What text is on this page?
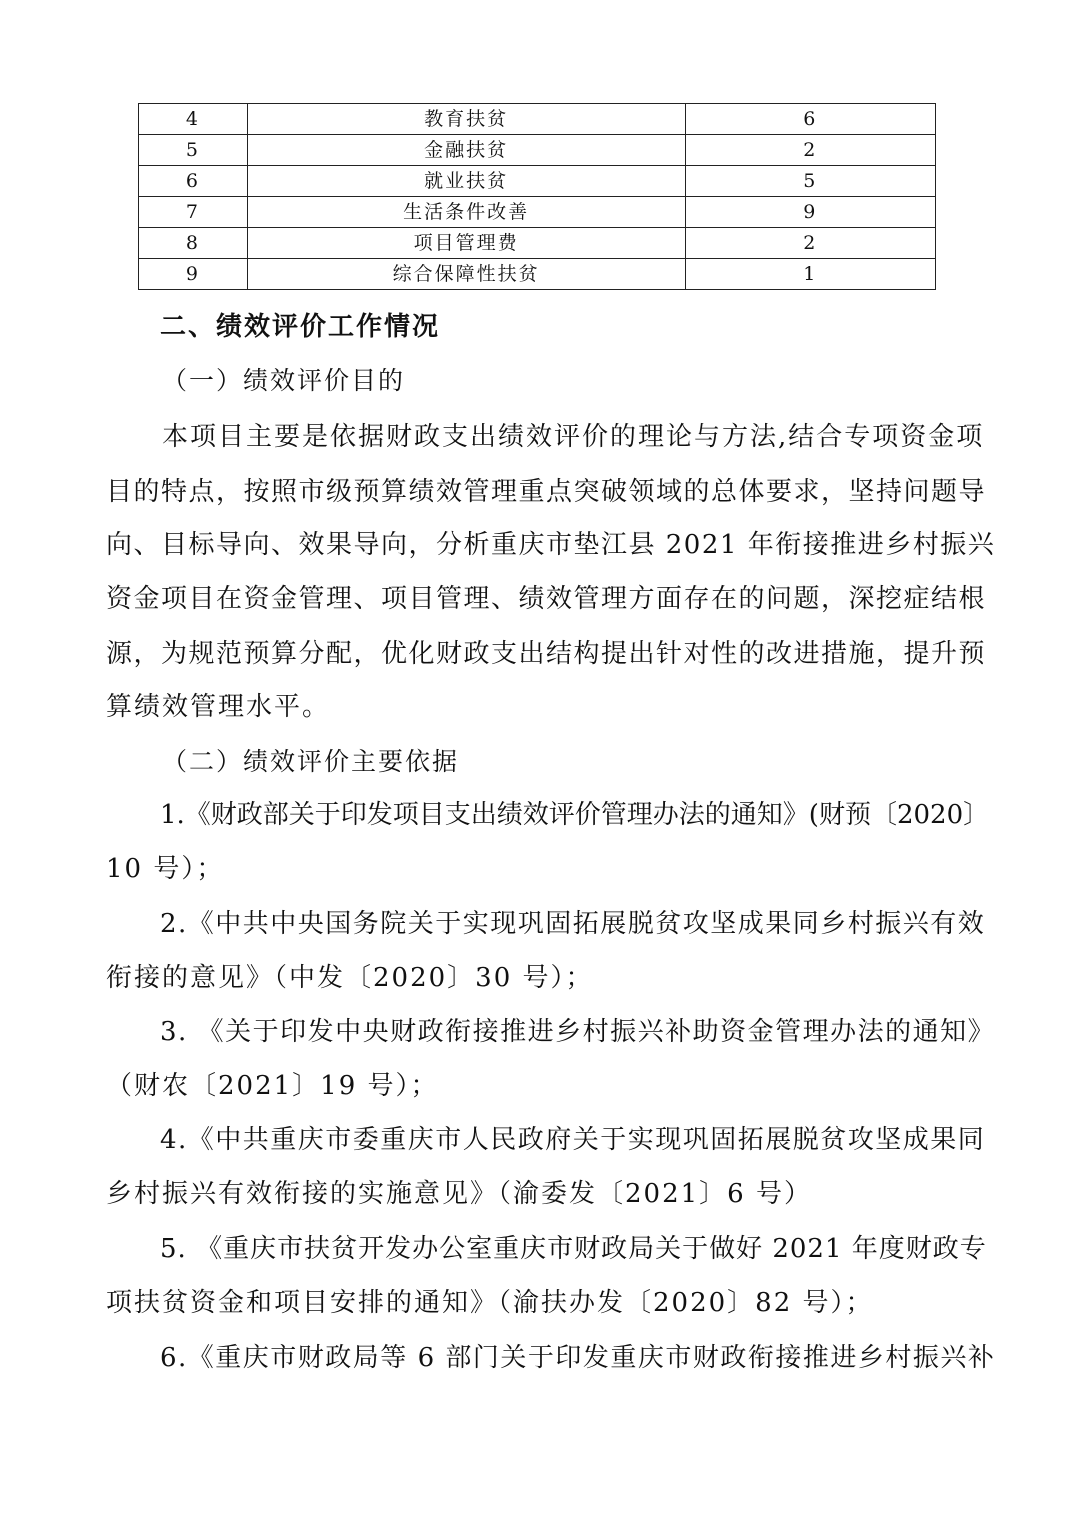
4	教育扶贫	6
5	金融扶贫	2
6	就业扶贫	5
7	生活条件改善	9
8	项目管理费	2
9	综合保障性扶贫	1
二、绩效评价工作情况
（一）绩效评价目的
本项目主要是依据财政支出绩效评价的理论与方法,结合专项资金项
目的特点，按照市级预算绩效管理重点突破领域的总体要求，坚持问题导
向、目标导向、效果导向，分析重庆市垫江县 2021 年衔接推进乡村振兴
资金项目在资金管理、项目管理、绩效管理方面存在的问题，深挖症结根
源，为规范预算分配，优化财政支出结构提出针对性的改进措施，提升预
算绩效管理水平。
（二）绩效评价主要依据
1.《财政部关于印发项目支出绩效评价管理办法的通知》(财预〔2020〕
10 号）；
2.《中共中央国务院关于实现巩固拓展脱贫攻坚成果同乡村振兴有效
衔接的意见》（中发〔2020〕30 号）；
3. 《关于印发中央财政衔接推进乡村振兴补助资金管理办法的通知》
（财农〔2021〕19 号）；
4.《中共重庆市委重庆市人民政府关于实现巩固拓展脱贫攻坚成果同
乡村振兴有效衔接的实施意见》（渝委发〔2021〕6 号）
5. 《重庆市扶贫开发办公室重庆市财政局关于做好 2021 年度财政专
项扶贫资金和项目安排的通知》（渝扶办发〔2020〕82 号）；
6.《重庆市财政局等 6 部门关于印发重庆市财政衔接推进乡村振兴补
